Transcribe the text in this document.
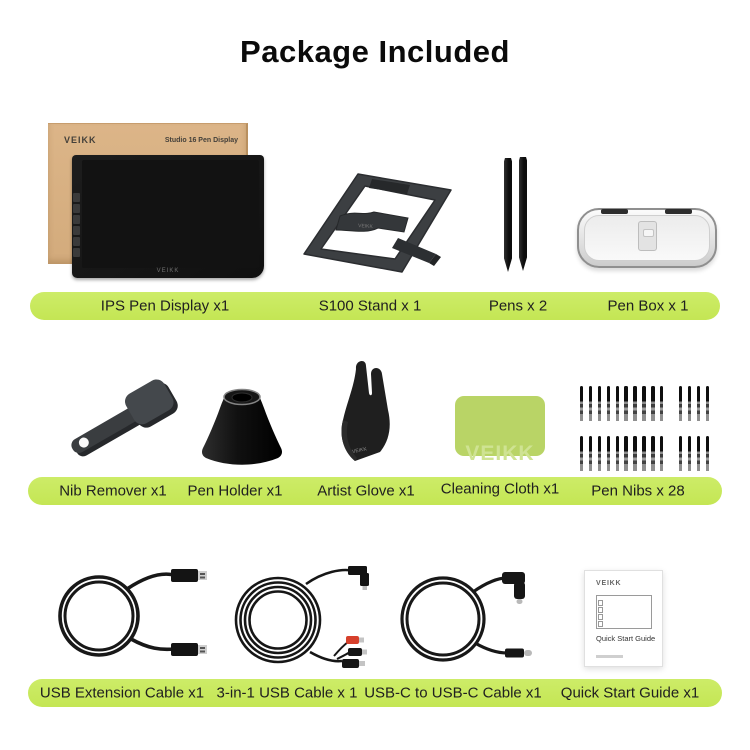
Package Included
VEIKK	Studio 16 Pen Display
VEIKK
VEIKK
IPS Pen Display x1	S100 Stand x 1	Pens x 2	Pen Box x 1
VEIKK	VEIKK
Nib Remover x1 Pen Holder x1 Artist Glove x1 Cleaning Cloth x1 Pen Nibs x 28
VEIKK
Quick Start Guide
USB Extension Cable x1 3-in-1 USB Cable x 1 USB-C to USB-C Cable x1 Quick Start Guide x1
